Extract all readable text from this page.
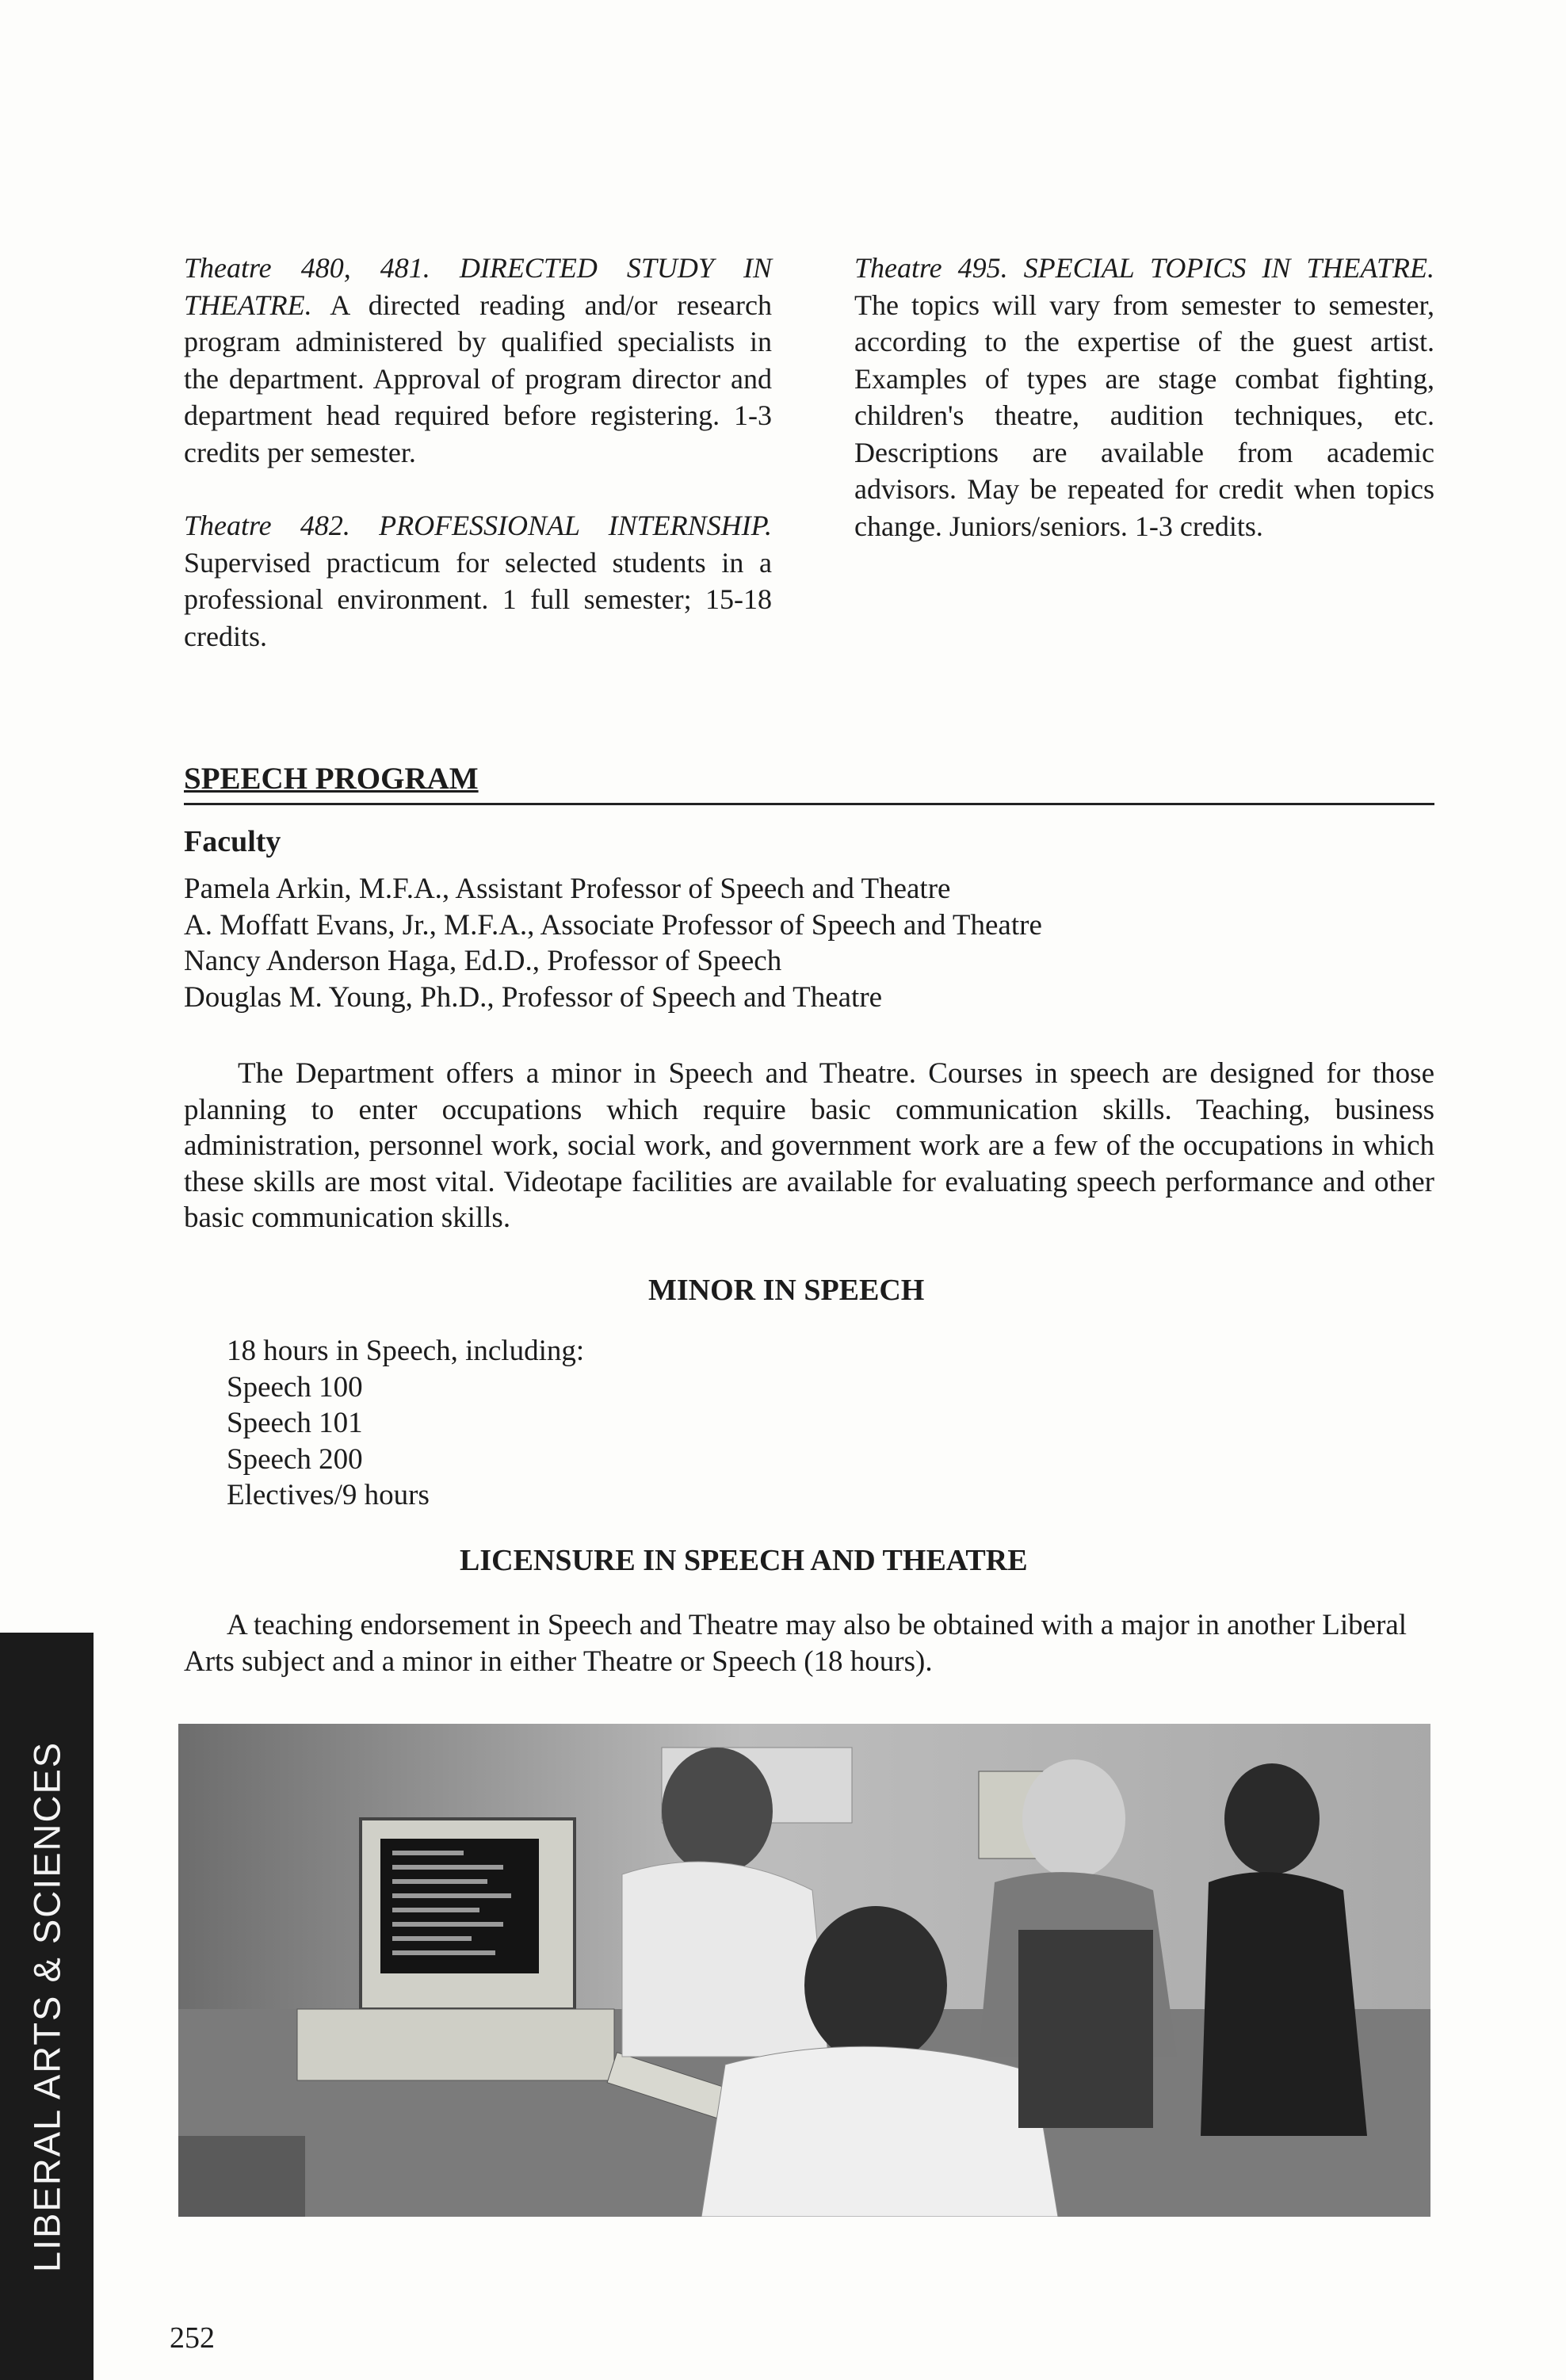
Theatre 480, 481. DIRECTED STUDY IN THEATRE. A directed reading and/or research program administered by qualified specialists in the department. Approval of program director and department head required before registering. 1-3 credits per semester.

Theatre 482. PROFESSIONAL INTERNSHIP. Supervised practicum for selected students in a professional environment. 1 full semester; 15-18 credits.

Theatre 495. SPECIAL TOPICS IN THEATRE. The topics will vary from semester to semester, according to the expertise of the guest artist. Examples of types are stage combat fighting, children's theatre, audition techniques, etc. Descriptions are available from academic advisors. May be repeated for credit when topics change. Juniors/seniors. 1-3 credits.

SPEECH PROGRAM
Faculty
Pamela Arkin, M.F.A., Assistant Professor of Speech and Theatre
A. Moffatt Evans, Jr., M.F.A., Associate Professor of Speech and Theatre
Nancy Anderson Haga, Ed.D., Professor of Speech
Douglas M. Young, Ph.D., Professor of Speech and Theatre

The Department offers a minor in Speech and Theatre. Courses in speech are designed for those planning to enter occupations which require basic communication skills. Teaching, business administration, personnel work, social work, and government work are a few of the occupations in which these skills are most vital. Videotape facilities are available for evaluating speech performance and other basic communication skills.

MINOR IN SPEECH
18 hours in Speech, including:
Speech 100
Speech 101
Speech 200
Electives/9 hours
LICENSURE IN SPEECH AND THEATRE

A teaching endorsement in Speech and Theatre may also be obtained with a major in another Liberal Arts subject and a minor in either Theatre or Speech (18 hours).

252
LIBERAL ARTS & SCIENCES
